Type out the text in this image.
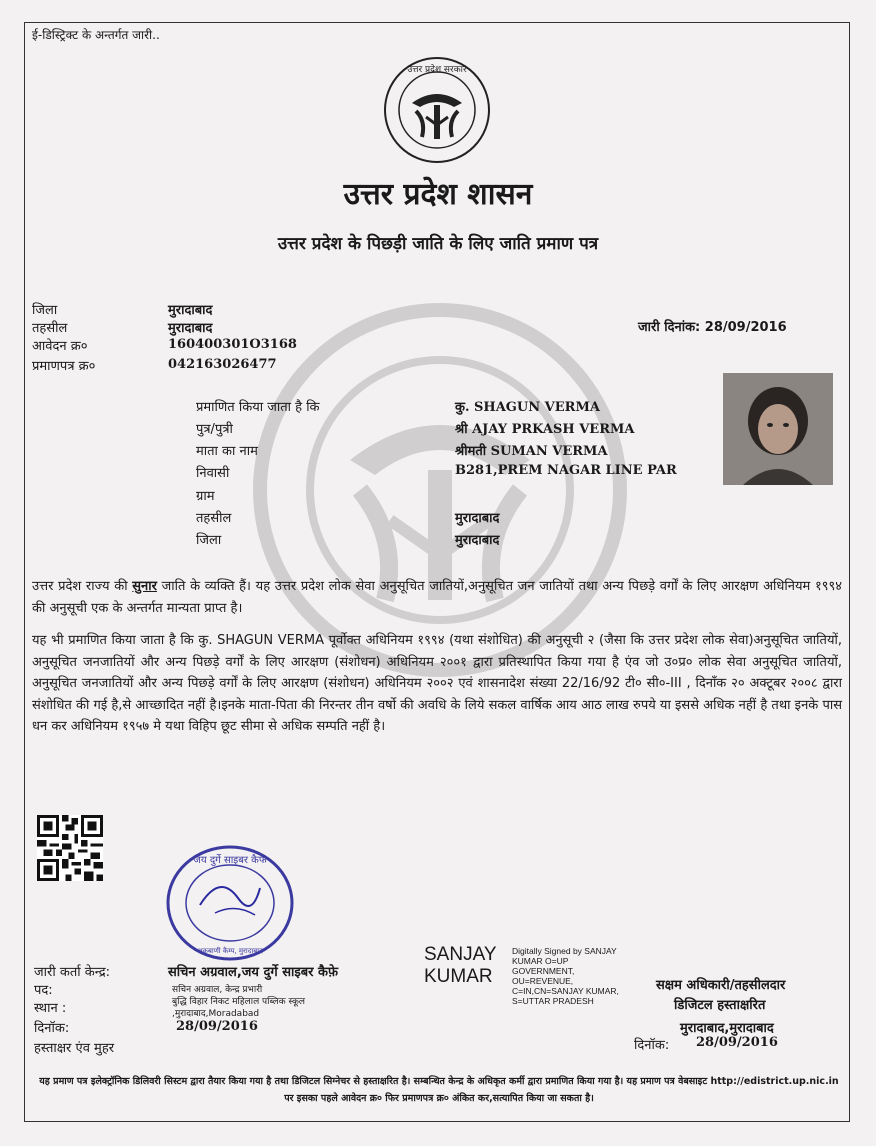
ई-डिस्ट्रिक्ट के अन्तर्गत जारी..
उत्तर प्रदेश सरकार
उत्तर प्रदेश शासन
उत्तर प्रदेश के पिछड़ी जाति के लिए जाति प्रमाण पत्र
जिला	मुरादाबाद
तहसील	मुरादाबाद
आवेदन क्र०	160400301O3168
प्रमाणपत्र क्र०	042163026477
जारी दिनांक: 28/09/2016
प्रमाणित किया जाता है कि	कु. SHAGUN VERMA
पुत्र/पुत्री	श्री AJAY PRKASH VERMA
माता का नाम	श्रीमती SUMAN VERMA
निवासी	B281,PREM NAGAR LINE PAR
ग्राम
तहसील	मुरादाबाद
जिला	मुरादाबाद
उत्तर प्रदेश राज्य की सुनार जाति के व्यक्ति हैं। यह उत्तर प्रदेश लोक सेवा अनुसूचित जातियों,अनुसूचित जन जातियों तथा अन्य पिछड़े वर्गों के लिए आरक्षण अधिनियम १९९४ की अनुसूची एक के अन्तर्गत मान्यता प्राप्त है।
यह भी प्रमाणित किया जाता है कि कु. SHAGUN VERMA पूर्वोक्त अधिनियम १९९४ (यथा संशोधित) की अनुसूची २ (जैसा कि उत्तर प्रदेश लोक सेवा)अनुसूचित जातियों, अनुसूचित जनजातियों और अन्य पिछड़े वर्गों के लिए आरक्षण (संशोधन) अधिनियम २००१ द्वारा प्रतिस्थापित किया गया है एंव जो उ०प्र० लोक सेवा अनुसूचित जातियों, अनुसूचित जनजातियों और अन्य पिछड़े वर्गों के लिए आरक्षण (संशोधन) अधिनियम २००२ एवं शासनादेश संख्या 22/16/92 टी० सी०-III , दिनाँक २० अक्टूबर २००८ द्वारा संशोधित की गई है,से आच्छादित नहीं है।इनके माता-पिता की निरन्तर तीन वर्षो की अवधि के लिये सकल वार्षिक आय आठ लाख रुपये या इससे अधिक नहीं है तथा इनके पास धन कर अधिनियम १९५७ मे यथा विहिप छूट सीमा से अधिक सम्पति नहीं है।
जय दुर्गे साइबर कैफे
अकबाणी कैम्प, मुरादाबाद
जारी कर्ता केन्द्र:	सचिन अग्रवाल,जय दुर्गे साइबर कैफ़े
पद:	सचिन अग्रवाल, केन्द्र प्रभारी
स्थान :	बुद्धि विहार निकट महिलाल पब्लिक स्कूल ,मुरादाबाद,Moradabad
दिनॉक:	28/09/2016
हस्ताक्षर एंव मुहर
SANJAY
KUMAR
Digitally Signed by SANJAY KUMAR O=UP GOVERNMENT, OU=REVENUE, C=IN,CN=SANJAY KUMAR, S=UTTAR PRADESH
सक्षम अधिकारी/तहसीलदार
डिजिटल हस्ताक्षरित
मुरादाबाद,मुरादाबाद
दिनॉक: 28/09/2016
यह प्रमाण पत्र इलेक्ट्रॉनिक डिलिवरी सिस्टम द्वारा तैयार किया गया है तथा डिजिटल सिग्नेचर से हस्ताक्षरित है। सम्बन्धित केन्द्र के अधिकृत कर्मी द्वारा प्रमाणित किया गया है। यह प्रमाण पत्र वेबसाइट http://edistrict.up.nic.in पर इसका पहले आवेदन क्र० फिर प्रमाणपत्र क्र० अंकित कर,सत्यापित किया जा सकता है।
